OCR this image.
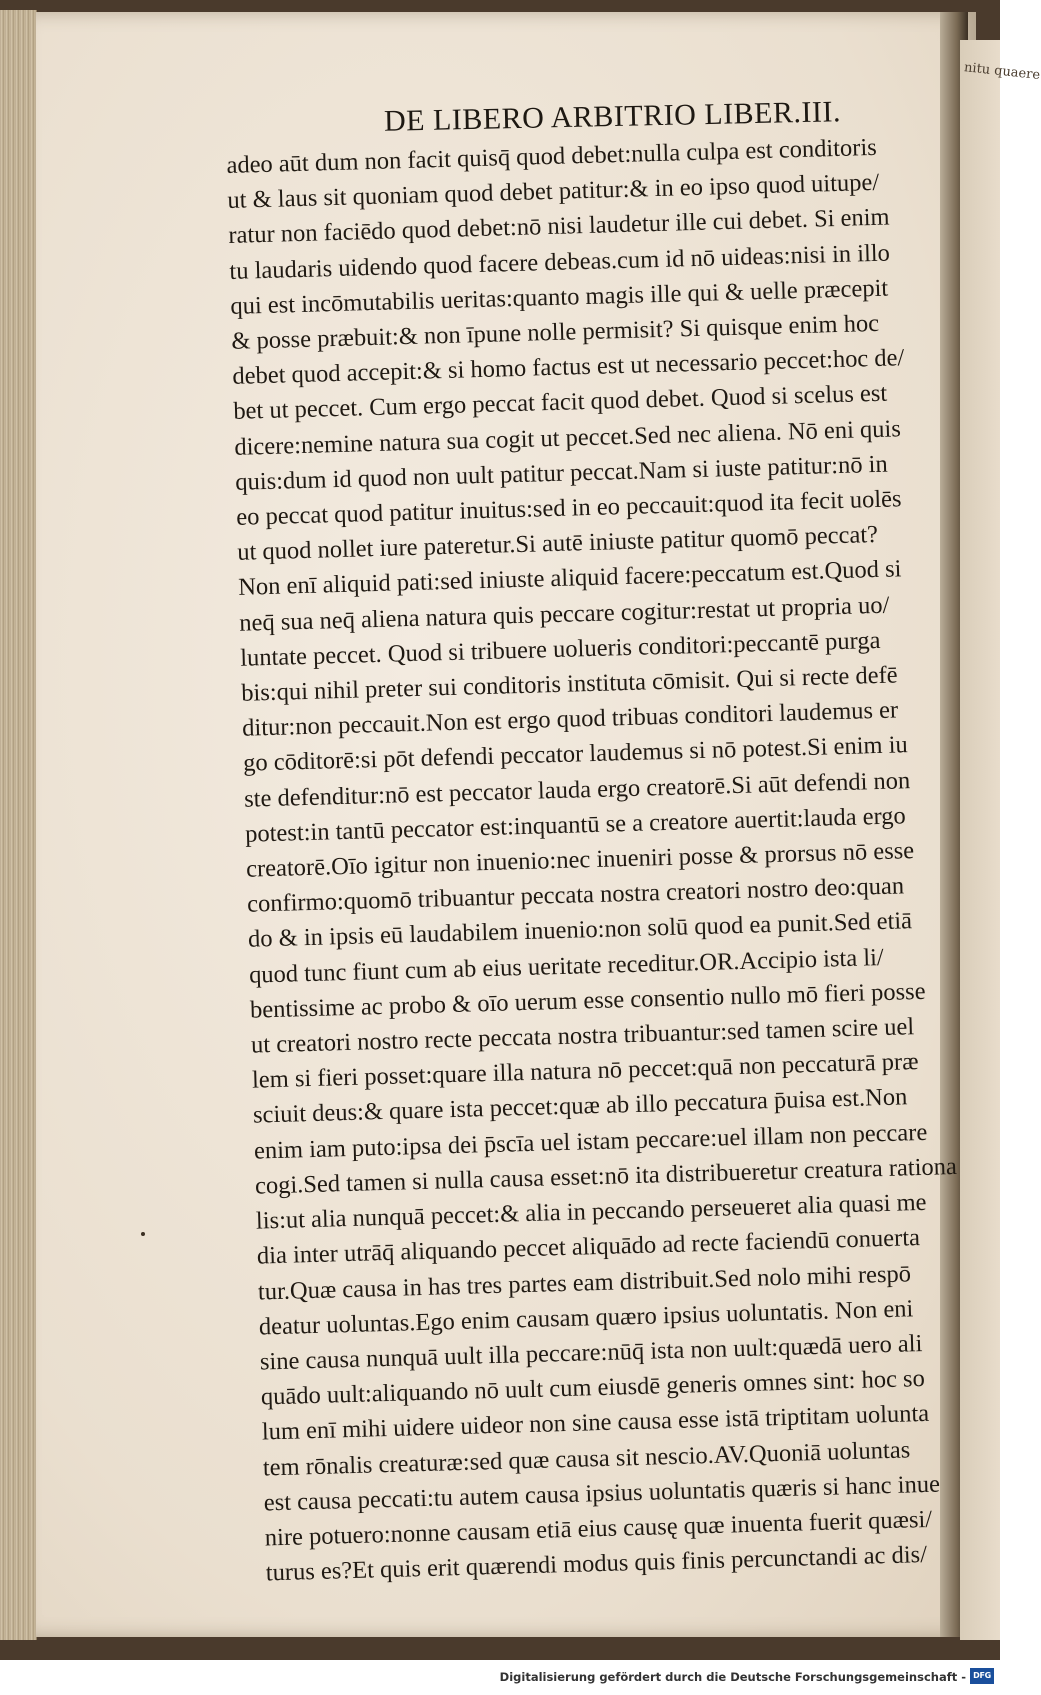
nitu quaere
DE LIBERO ARBITRIO LIBER.III.
adeo aūt dum non facit quisq̄ quod debet:nulla culpa est conditoris
ut & laus sit quoniam quod debet patitur:& in eo ipso quod uitupe/
ratur non faciēdo quod debet:nō nisi laudetur ille cui debet. Si enim
tu laudaris uidendo quod facere debeas.cum id nō uideas:nisi in illo
qui est incōmutabilis ueritas:quanto magis ille qui & uelle præcepit
& posse præbuit:& non īpune nolle permisit? Si quisque enim hoc
debet quod accepit:& si homo factus est ut necessario peccet:hoc de/
bet ut peccet. Cum ergo peccat facit quod debet. Quod si scelus est
dicere:nemine natura sua cogit ut peccet.Sed nec aliena. Nō eni quis
quis:dum id quod non uult patitur peccat.Nam si iuste patitur:nō in
eo peccat quod patitur inuitus:sed in eo peccauit:quod ita fecit uolēs
ut quod nollet iure pateretur.Si autē iniuste patitur quomō peccat?
Non enī aliquid pati:sed iniuste aliquid facere:peccatum est.Quod si
neq̄ sua neq̄ aliena natura quis peccare cogitur:restat ut propria uo/
luntate peccet. Quod si tribuere uolueris conditori:peccantē purga
bis:qui nihil preter sui conditoris instituta cōmisit. Qui si recte defē
ditur:non peccauit.Non est ergo quod tribuas conditori laudemus er
go cōditorē:si pōt defendi peccator laudemus si nō potest.Si enim iu
ste defenditur:nō est peccator lauda ergo creatorē.Si aūt defendi non
potest:in tantū peccator est:inquantū se a creatore auertit:lauda ergo
creatorē.Oīo igitur non inuenio:nec inueniri posse & prorsus nō esse
confirmo:quomō tribuantur peccata nostra creatori nostro deo:quan
do & in ipsis eū laudabilem inuenio:non solū quod ea punit.Sed etiā
quod tunc fiunt cum ab eius ueritate receditur.OR.Accipio ista li/
bentissime ac probo & oīo uerum esse consentio nullo mō fieri posse
ut creatori nostro recte peccata nostra tribuantur:sed tamen scire uel
lem si fieri posset:quare illa natura nō peccet:quā non peccaturā præ
sciuit deus:& quare ista peccet:quæ ab illo peccatura p̄uisa est.Non
enim iam puto:ipsa dei p̄scīa uel istam peccare:uel illam non peccare
cogi.Sed tamen si nulla causa esset:nō ita distribueretur creatura rationa
lis:ut alia nunquā peccet:& alia in peccando perseueret alia quasi me
dia inter utrāq̄ aliquando peccet aliquādo ad recte faciendū conuerta
tur.Quæ causa in has tres partes eam distribuit.Sed nolo mihi respō
deatur uoluntas.Ego enim causam quæro ipsius uoluntatis. Non eni
sine causa nunquā uult illa peccare:nūq̄ ista non uult:quædā uero ali
quādo uult:aliquando nō uult cum eiusdē generis omnes sint: hoc so
lum enī mihi uidere uideor non sine causa esse istā triptitam uolunta
tem rōnalis creaturæ:sed quæ causa sit nescio.AV.Quoniā uoluntas
est causa peccati:tu autem causa ipsius uoluntatis quæris si hanc inue
nire potuero:nonne causam etiā eius causę quæ inuenta fuerit quæsi/
turus es?Et quis erit quærendi modus quis finis percunctandi ac dis/
Digitalisierung gefördert durch die Deutsche Forschungsgemeinschaft - DFG
